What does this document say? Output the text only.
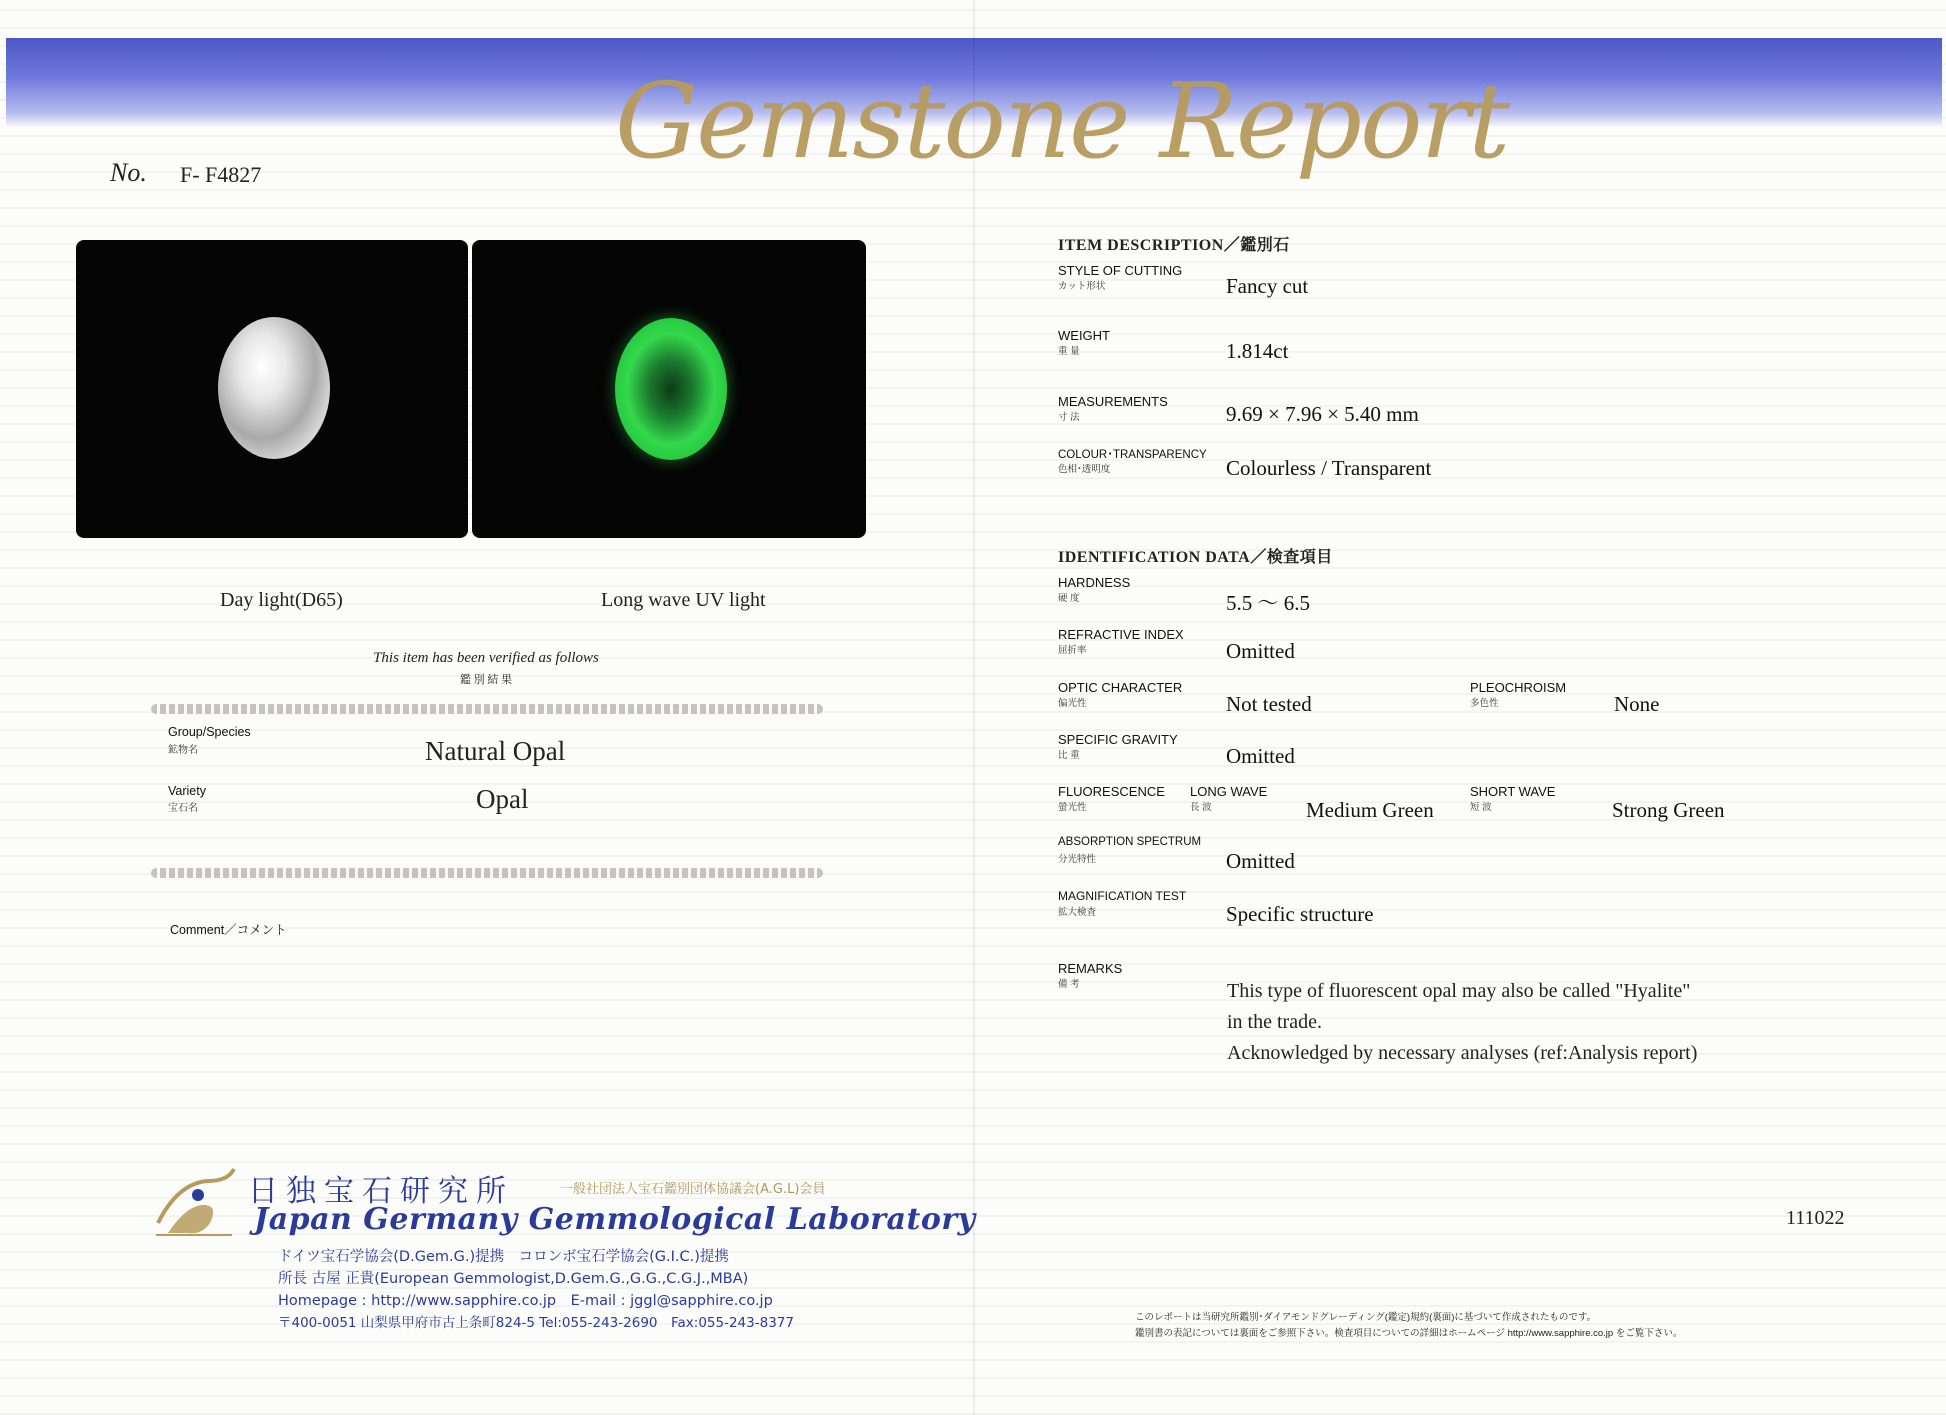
Gemstone Report
No. F- F4827
Day light(D65)	Long wave UV light
This item has been verified as follows
鑑 別 結 果
Group/Species
鉱物名	Natural Opal
Variety
宝石名	Opal
Comment／コメント
ITEM DESCRIPTION／鑑別石
STYLE OF CUTTING
カット形状	Fancy cut
WEIGHT
重 量	1.814ct
MEASUREMENTS
寸 法	9.69 × 7.96 × 5.40 mm
COLOUR･TRANSPARENCY
色相･透明度	Colourless / Transparent
IDENTIFICATION DATA／検査項目
HARDNESS
硬 度	5.5 ～ 6.5
REFRACTIVE INDEX
屈折率	Omitted
OPTIC CHARACTER
偏光性	Not tested
PLEOCHROISM
多色性	None
SPECIFIC GRAVITY
比 重	Omitted
FLUORESCENCE
螢光性
LONG WAVE
長 波	Medium Green
SHORT WAVE
短 波	Strong Green
ABSORPTION SPECTRUM
分光特性	Omitted
MAGNIFICATION TEST
拡大検査	Specific structure
REMARKS
備 考	This type of fluorescent opal may also be called "Hyalite"
in the trade.
Acknowledged by necessary analyses (ref:Analysis report)
111022
このレポートは当研究所鑑別･ダイアモンドグレーディング(鑑定)規約(裏面)に基づいて作成されたものです。
鑑別書の表記については裏面をご参照下さい。検査項目についての詳細はホームページ http://www.sapphire.co.jp をご覧下さい。
日独宝石研究所	一般社団法人宝石鑑別団体協議会(A.G.L)会員
Japan Germany Gemmological Laboratory
ドイツ宝石学協会(D.Gem.G.)提携　コロンボ宝石学協会(G.I.C.)提携
所長 古屋 正貴(European Gemmologist,D.Gem.G.,G.G.,C.G.J.,MBA)
Homepage : http://www.sapphire.co.jp　E-mail : jggl@sapphire.co.jp
〒400-0051 山梨県甲府市古上条町824-5 Tel:055-243-2690　Fax:055-243-8377
